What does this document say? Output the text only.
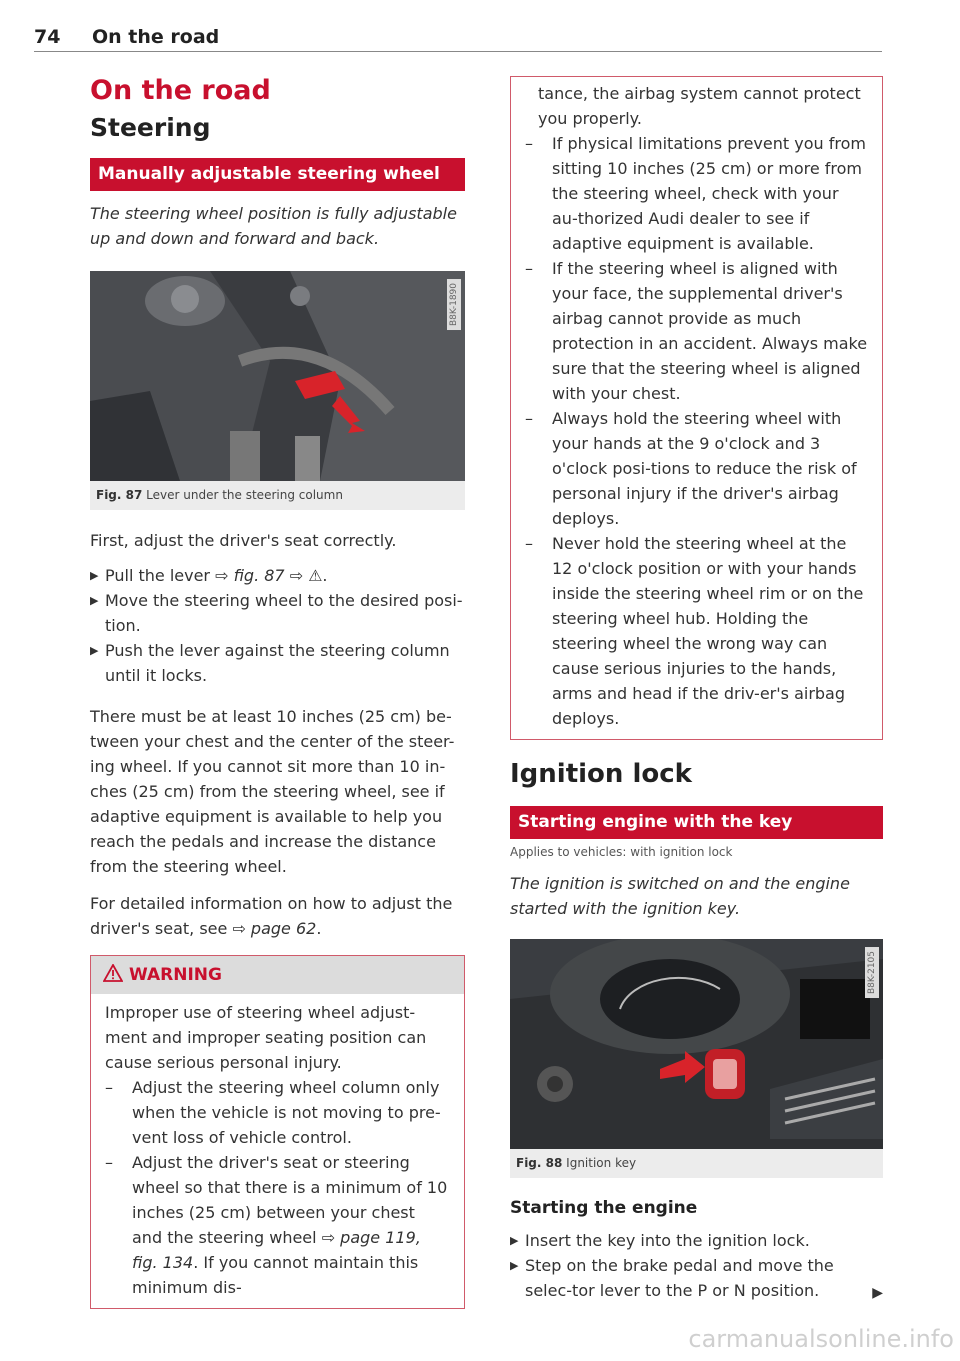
74 On the road
On the road
Steering
Manually adjustable steering wheel

The steering wheel position is fully adjustable up and down and forward and back.

B8K-1890
Fig. 87 Lever under the steering column

First, adjust the driver's seat correctly.

▶ Pull the lever ⇨ fig. 87 ⇨ ⚠.
▶ Move the steering wheel to the desired posi-tion.
▶ Push the lever against the steering column until it locks.

There must be at least 10 inches (25 cm) be-tween your chest and the center of the steer-ing wheel. If you cannot sit more than 10 in-ches (25 cm) from the steering wheel, see if adaptive equipment is available to help you reach the pedals and increase the distance from the steering wheel.

For detailed information on how to adjust the driver's seat, see ⇨ page 62.

WARNING

Improper use of steering wheel adjust-ment and improper seating position can cause serious personal injury.

– Adjust the steering wheel column only when the vehicle is not moving to pre-vent loss of vehicle control.
– Adjust the driver's seat or steering wheel so that there is a minimum of 10 inches (25 cm) between your chest and the steering wheel ⇨ page 119, fig. 134. If you cannot maintain this minimum dis-

tance, the airbag system cannot protect you properly.

– If physical limitations prevent you from sitting 10 inches (25 cm) or more from the steering wheel, check with your au-thorized Audi dealer to see if adaptive equipment is available.
– If the steering wheel is aligned with your face, the supplemental driver's airbag cannot provide as much protection in an accident. Always make sure that the steering wheel is aligned with your chest.
– Always hold the steering wheel with your hands at the 9 o'clock and 3 o'clock posi-tions to reduce the risk of personal injury if the driver's airbag deploys.
– Never hold the steering wheel at the 12 o'clock position or with your hands inside the steering wheel rim or on the steering wheel hub. Holding the steering wheel the wrong way can cause serious injuries to the hands, arms and head if the driv-er's airbag deploys.
Ignition lock
Starting engine with the key
Applies to vehicles: with ignition lock

The ignition is switched on and the engine started with the ignition key.

B8K-2105
Fig. 88 Ignition key
Starting the engine
▶ Insert the key into the ignition lock.
▶ Step on the brake pedal and move the selec-tor lever to the P or N position.	▶
carmanualsonline.info
